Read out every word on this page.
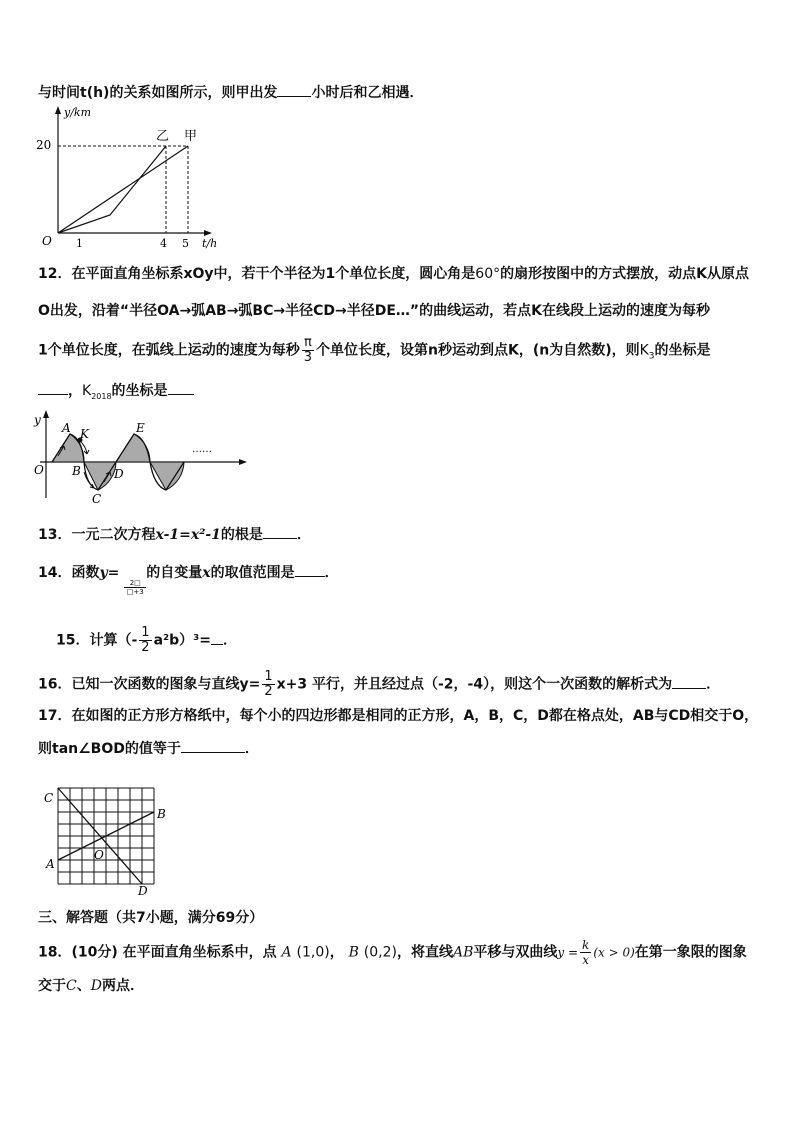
与时间t(h)的关系如图所示，则甲出发 小时后和乙相遇．
y/km
t/h
O
20
1	4 5
乙 甲
12．在平面直角坐标系xOy中，若干个半径为1个单位长度，圆心角是60°的扇形按图中的方式摆放，动点K从原点
O出发，沿着“半径OA→弧AB→弧BC→半径CD→半径DE…”的曲线运动，若点K在线段上运动的速度为每秒
1个单位长度，在弧线上运动的速度为每秒 $\frac{\pi}{3}$ 个单位长度，设第n秒运动到点K，(n为自然数)，则$K_3$的坐标是
，$K_{2018}$的坐标是
y
O
A K
B
C
D
E
……
13．一元二次方程x-1=x²-1的根是 ．
14．函数y=
$\frac{2□}{□+3}$
的自变量x的取值范围是 ．
15．计算（- $\frac{1}{2} a^2b)^3=$ ．
16．已知一次函数的图象与直线$y= \frac{1}{2} x+3$ 平行，并且经过点（-2，-4），则这个一次函数的解析式为 ．
17．在如图的正方形方格纸中，每个小的四边形都是相同的正方形，A，B，C，D都在格点处，AB与CD相交于O，
则tan∠BOD的值等于	．
C
B
A
O
D
三、解答题（共7小题，满分69分）
18．(10分) 在平面直角坐标系中，点 A (1,0)， B (0,2)，将直线AB平移与双曲线$y = \frac{k}{x} (x > 0)$在第一象限的图象
交于C、D两点．
